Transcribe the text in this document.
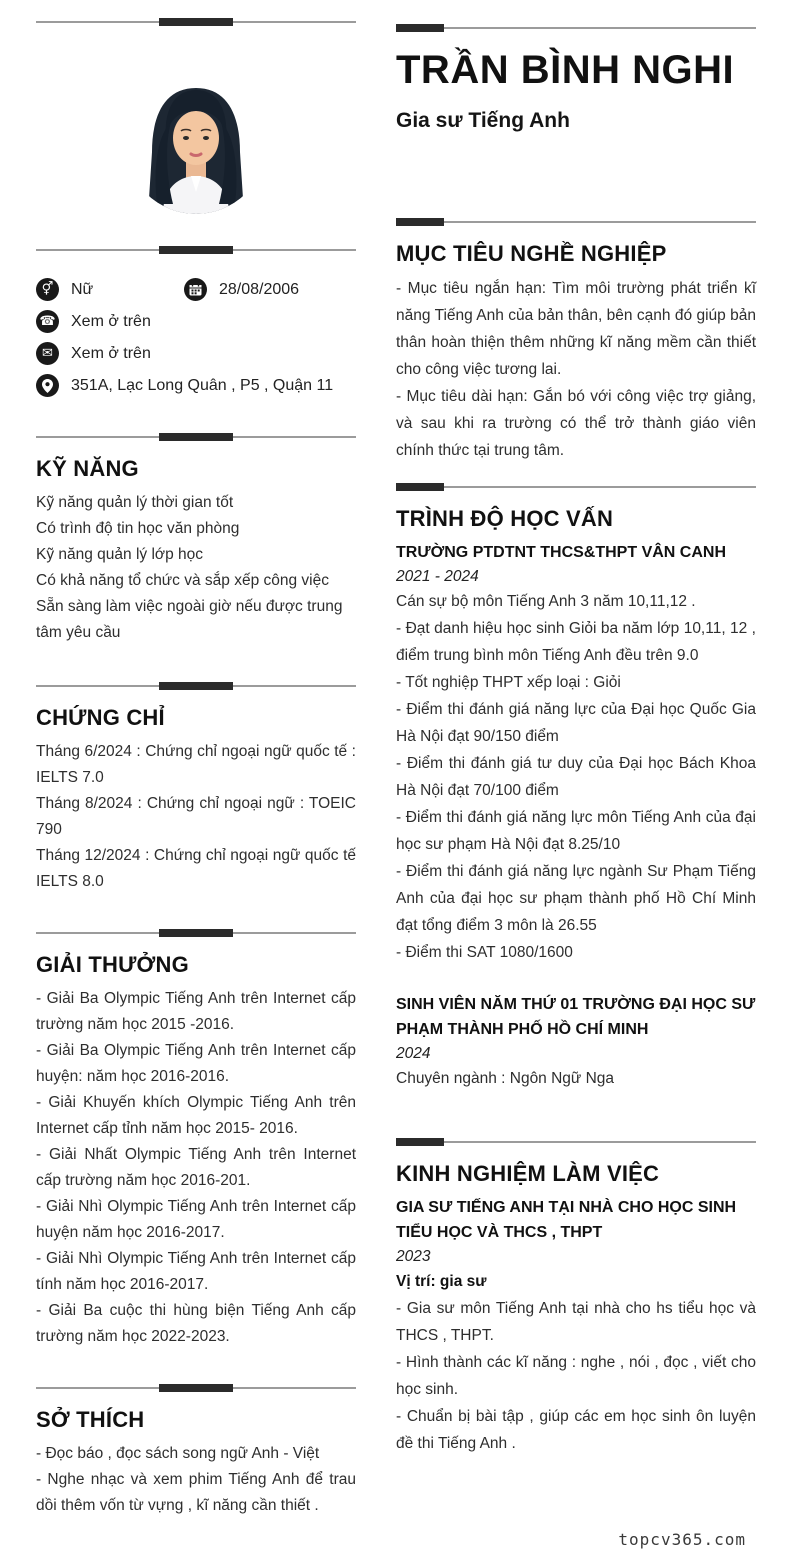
⚥	Nữ	28/08/2006
☎ Xem ở trên
✉	Xem ở trên
351A, Lạc Long Quân , P5 , Quận 11
KỸ NĂNG
Kỹ năng quản lý thời gian tốt
Có trình độ tin học văn phòng
Kỹ năng quản lý lớp học
Có khả năng tổ chức và sắp xếp công việc
Sẵn sàng làm việc ngoài giờ nếu được trung tâm yêu cầu
CHỨNG CHỈ
Tháng 6/2024 : Chứng chỉ ngoại ngữ quốc tế : IELTS 7.0
Tháng 8/2024 : Chứng chỉ ngoại ngữ : TOEIC 790
Tháng 12/2024 : Chứng chỉ ngoại ngữ quốc tế IELTS 8.0
GIẢI THƯỞNG
- Giải Ba Olympic Tiếng Anh trên Internet cấp trường năm học 2015 -2016.
- Giải Ba Olympic Tiếng Anh trên Internet cấp huyện: năm học 2016-2016.
- Giải Khuyến khích Olympic Tiếng Anh trên Internet cấp tỉnh năm học 2015- 2016.
- Giải Nhất Olympic Tiếng Anh trên Internet cấp trường năm học 2016-201.
- Giải Nhì Olympic Tiếng Anh trên Internet cấp huyện năm học 2016-2017.
- Giải Nhì Olympic Tiếng Anh trên Internet cấp tính năm học 2016-2017.
- Giải Ba cuộc thi hùng biện Tiếng Anh cấp trường năm học 2022-2023.
SỞ THÍCH
- Đọc báo , đọc sách song ngữ Anh - Việt
- Nghe nhạc và xem phim Tiếng Anh để trau dồi thêm vốn từ vựng , kĩ năng cần thiết .
TRẦN BÌNH NGHI
Gia sư Tiếng Anh
MỤC TIÊU NGHỀ NGHIỆP
- Mục tiêu ngắn hạn: Tìm môi trường phát triển kĩ năng Tiếng Anh của bản thân, bên cạnh đó giúp bản thân hoàn thiện thêm những kĩ năng mềm cần thiết cho công việc tương lai.
- Mục tiêu dài hạn: Gắn bó với công việc trợ giảng, và sau khi ra trường có thể trở thành giáo viên chính thức tại trung tâm.
TRÌNH ĐỘ HỌC VẤN
TRƯỜNG PTDTNT THCS&THPT VÂN CANH
2021 - 2024
Cán sự bộ môn Tiếng Anh 3 năm 10,11,12 .
- Đạt danh hiệu học sinh Giỏi ba năm lớp 10,11, 12 , điểm trung bình môn Tiếng Anh đều trên 9.0
- Tốt nghiệp THPT xếp loại : Giỏi
- Điểm thi đánh giá năng lực của Đại học Quốc Gia Hà Nội đạt 90/150 điểm
- Điểm thi đánh giá tư duy của Đại học Bách Khoa Hà Nội đạt 70/100 điểm
- Điểm thi đánh giá năng lực môn Tiếng Anh của đại học sư phạm Hà Nội đạt 8.25/10
- Điểm thi đánh giá năng lực ngành Sư Phạm Tiếng Anh của đại học sư phạm thành phố Hồ Chí Minh đạt tổng điểm 3 môn là 26.55
- Điểm thi SAT 1080/1600
SINH VIÊN NĂM THỨ 01 TRƯỜNG ĐẠI HỌC SƯ PHẠM THÀNH PHỐ HỒ CHÍ MINH
2024
Chuyên ngành : Ngôn Ngữ Nga
KINH NGHIỆM LÀM VIỆC
GIA SƯ TIẾNG ANH TẠI NHÀ CHO HỌC SINH TIỂU HỌC VÀ THCS , THPT
2023
Vị trí: gia sư
- Gia sư môn Tiếng Anh tại nhà cho hs tiểu học và THCS , THPT.
- Hình thành các kĩ năng : nghe , nói , đọc , viết cho học sinh.
- Chuẩn bị bài tập , giúp các em học sinh ôn luyện đề thi Tiếng Anh .
topcv365.com
